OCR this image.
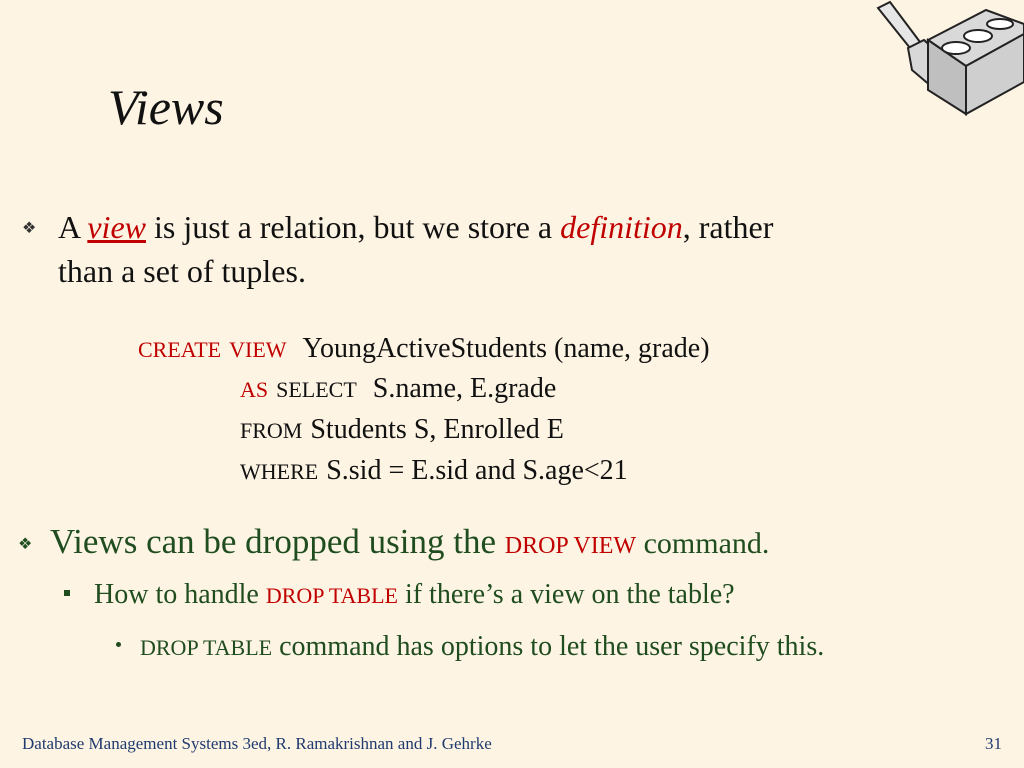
Views
❖ A view is just a relation, but we store a definition, rather than a set of tuples.
CREATE VIEW YoungActiveStudents (name, grade)
AS SELECT S.name, E.grade
FROM Students S, Enrolled E
WHERE S.sid = E.sid and S.age<21
❖ Views can be dropped using the DROP VIEW command.
How to handle DROP TABLE if there’s a view on the table?
DROP TABLE command has options to let the user specify this.
Database Management Systems 3ed, R. Ramakrishnan and J. Gehrke	31
